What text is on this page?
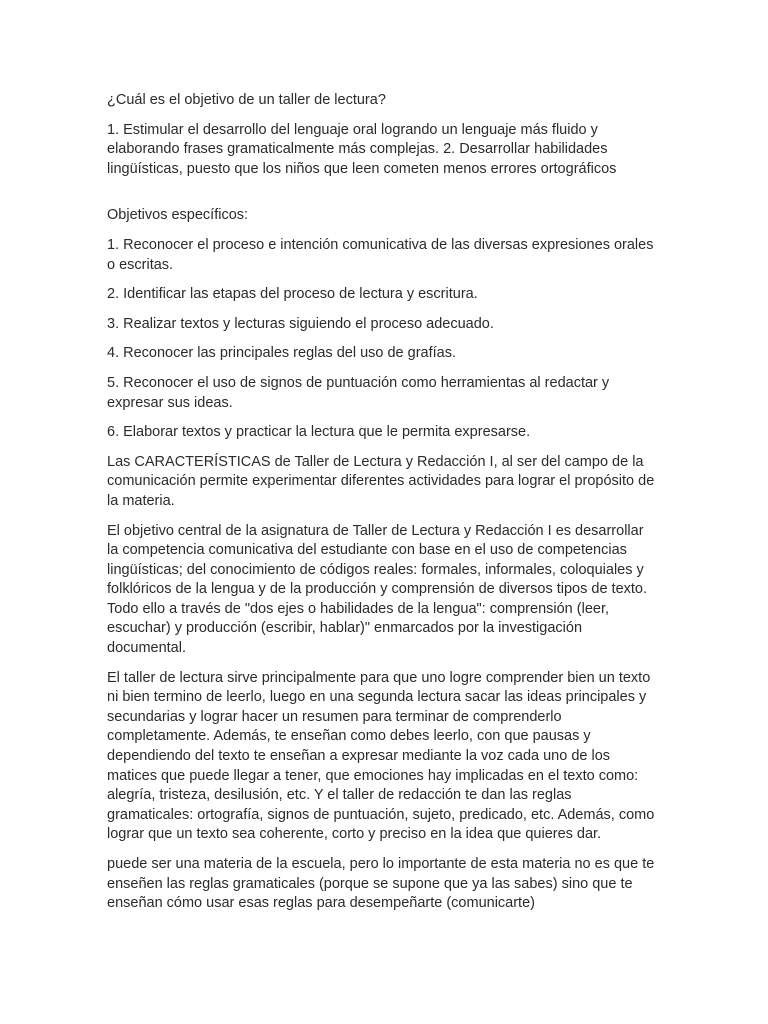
¿Cuál es el objetivo de un taller de lectura?

1. Estimular el desarrollo del lenguaje oral logrando un lenguaje más fluido y elaborando frases gramaticalmente más complejas. 2. Desarrollar habilidades lingüísticas, puesto que los niños que leen cometen menos errores ortográficos

Objetivos específicos:

1. Reconocer el proceso e intención comunicativa de las diversas expresiones orales o escritas.

2. Identificar las etapas del proceso de lectura y escritura.

3. Realizar textos y lecturas siguiendo el proceso adecuado.

4. Reconocer las principales reglas del uso de grafías.

5. Reconocer el uso de signos de puntuación como herramientas al redactar y expresar sus ideas.

6. Elaborar textos y practicar la lectura que le permita expresarse.

Las CARACTERÍSTICAS de Taller de Lectura y Redacción I, al ser del campo de la comunicación permite experimentar diferentes actividades para lograr el propósito de la materia.

El objetivo central de la asignatura de Taller de Lectura y Redacción I es desarrollar la competencia comunicativa del estudiante con base en el uso de competencias lingüísticas; del conocimiento de códigos reales: formales, informales, coloquiales y folklóricos de la lengua y de la producción y comprensión de diversos tipos de texto. Todo ello a través de "dos ejes o habilidades de la lengua": comprensión (leer, escuchar) y producción (escribir, hablar)" enmarcados por la investigación documental.

El taller de lectura sirve principalmente para que uno logre comprender bien un texto ni bien termino de leerlo, luego en una segunda lectura sacar las ideas principales y secundarias y lograr hacer un resumen para terminar de comprenderlo completamente. Además, te enseñan como debes leerlo, con que pausas y dependiendo del texto te enseñan a expresar mediante la voz cada uno de los matices que puede llegar a tener, que emociones hay implicadas en el texto como: alegría, tristeza, desilusión, etc. Y el taller de redacción te dan las reglas gramaticales: ortografía, signos de puntuación, sujeto, predicado, etc. Además, como lograr que un texto sea coherente, corto y preciso en la idea que quieres dar.

puede ser una materia de la escuela, pero lo importante de esta materia no es que te enseñen las reglas gramaticales (porque se supone que ya las sabes) sino que te enseñan cómo usar esas reglas para desempeñarte (comunicarte)
